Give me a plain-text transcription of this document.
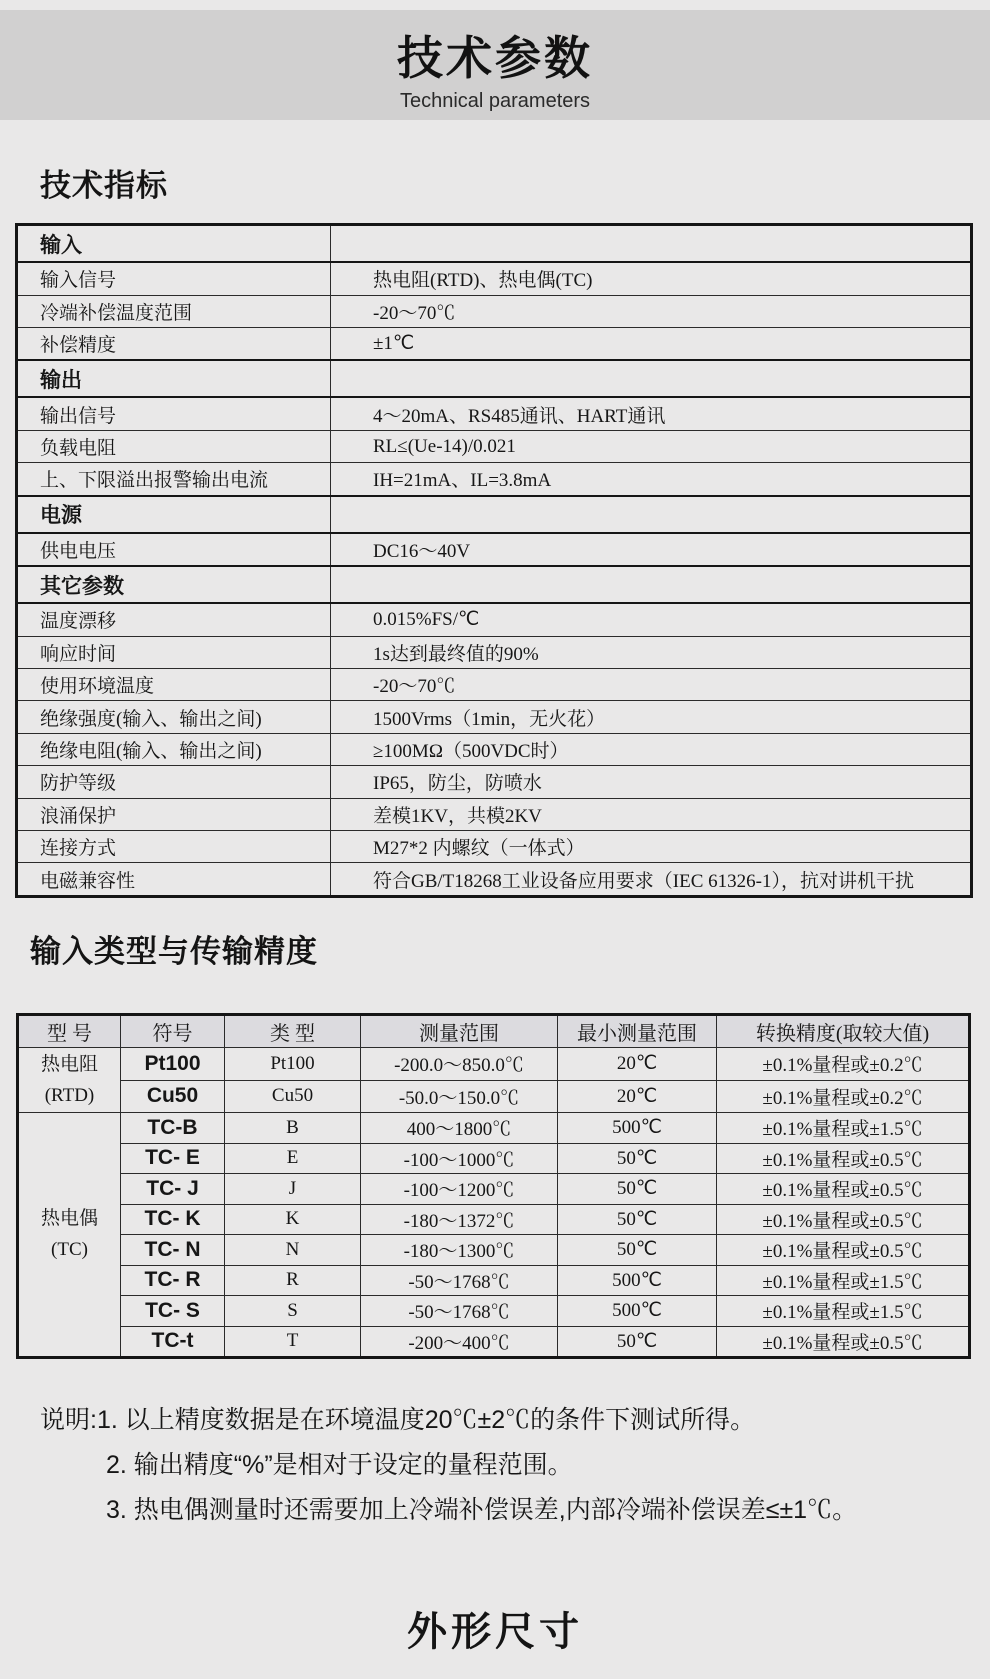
技术参数
Technical parameters
技术指标
输入	
输入信号	热电阻(RTD)、热电偶(TC)
冷端补偿温度范围	-20～70℃
补偿精度	±1℃
输出	
输出信号	4～20mA、RS485通讯、HART通讯
负载电阻	RL≤(Ue-14)/0.021
上、下限溢出报警输出电流	IH=21mA、IL=3.8mA
电源	
供电电压	DC16～40V
其它参数	
温度漂移	0.015%FS/℃
响应时间	1s达到最终值的90%
使用环境温度	-20～70℃
绝缘强度(输入、输出之间)	1500Vrms（1min，无火花）
绝缘电阻(输入、输出之间)	≥100MΩ（500VDC时）
防护等级	IP65，防尘，防喷水
浪涌保护	差模1KV，共模2KV
连接方式	M27*2 内螺纹（一体式）
电磁兼容性	符合GB/T18268工业设备应用要求（IEC 61326-1），抗对讲机干扰
输入类型与传输精度
型 号	符号	类 型	测量范围	最小测量范围	转换精度(取较大值)

热电阻
(RTD)	Pt100	Pt100	-200.0～850.0℃	20℃	±0.1%量程或±0.2℃
	Cu50	Cu50	-50.0～150.0℃	20℃	±0.1%量程或±0.2℃

热电偶
(TC)	TC-B	B	400～1800℃	500℃	±0.1%量程或±1.5℃
	TC- E	E	-100～1000℃	50℃	±0.1%量程或±0.5℃
	TC- J	J	-100～1200℃	50℃	±0.1%量程或±0.5℃
	TC- K	K	-180～1372℃	50℃	±0.1%量程或±0.5℃
	TC- N	N	-180～1300℃	50℃	±0.1%量程或±0.5℃
	TC- R	R	-50～1768℃	500℃	±0.1%量程或±1.5℃
	TC- S	S	-50～1768℃	500℃	±0.1%量程或±1.5℃
	TC-t	T	-200～400℃	50℃	±0.1%量程或±0.5℃
说明:1. 以上精度数据是在环境温度20℃±2℃的条件下测试所得。
2. 输出精度“%”是相对于设定的量程范围。
3. 热电偶测量时还需要加上冷端补偿误差,内部冷端补偿误差≤±1℃。
外形尺寸
